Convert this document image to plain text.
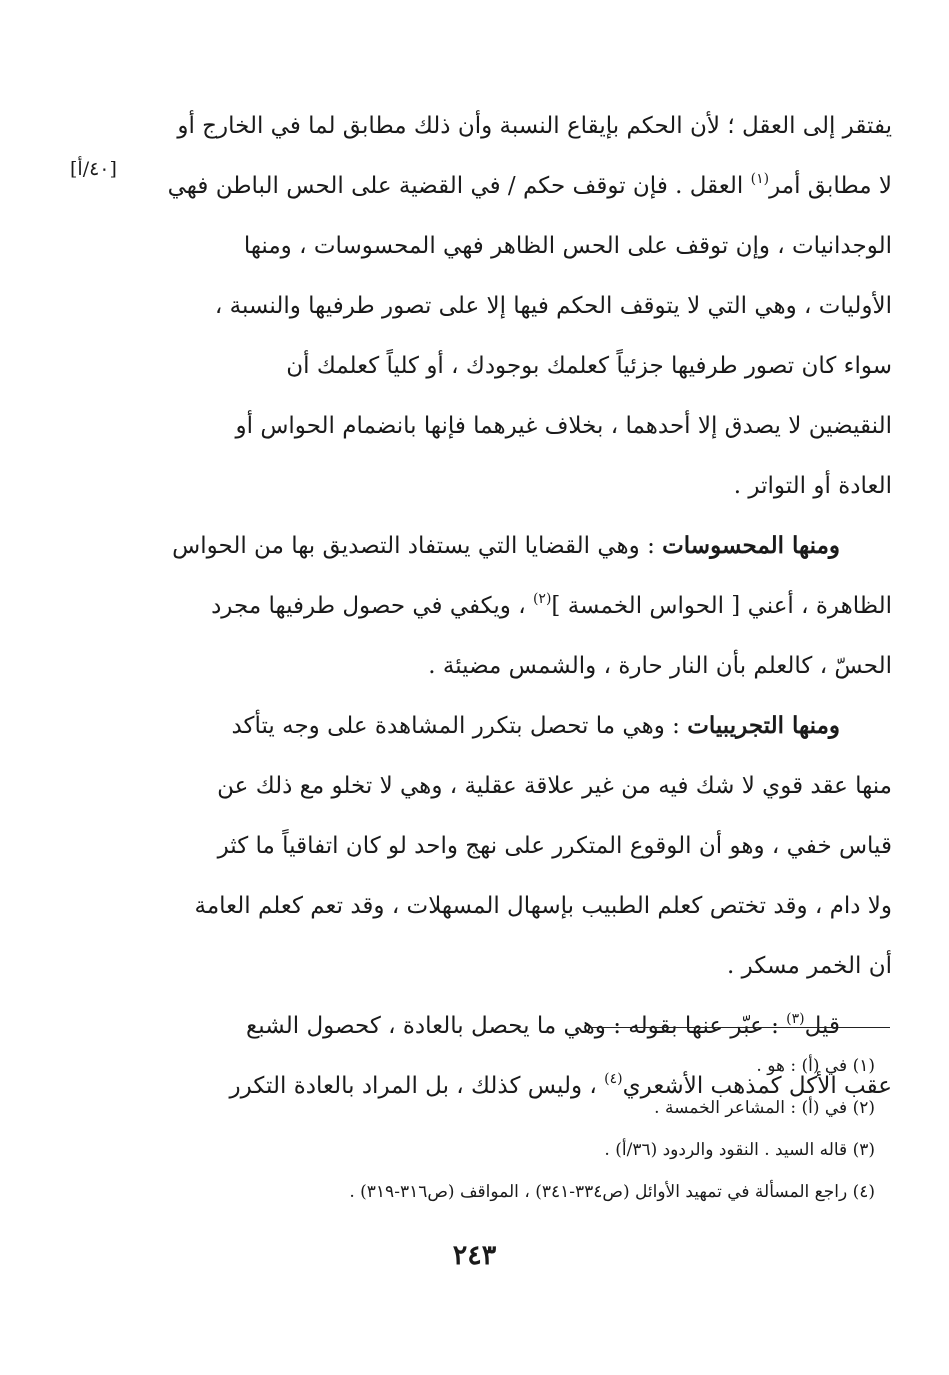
[٤٠/أ]
يفتقر إلى العقل ؛ لأن الحكم بإيقاع النسبة وأن ذلك مطابق لما في الخارج أو
لا مطابق أمر$^{(١)}$ العقل . فإن توقف حكم / في القضية على الحس الباطن فهي
الوجدانيات ، وإن توقف على الحس الظاهر فهي المحسوسات ، ومنها
الأوليات ، وهي التي لا يتوقف الحكم فيها إلا على تصور طرفيها والنسبة ،
سواء كان تصور طرفيها جزئياً كعلمك بوجودك ، أو كلياً كعلمك أن
النقيضين لا يصدق إلا أحدهما ، بخلاف غيرهما فإنها بانضمام الحواس أو
العادة أو التواتر .
ومنها المحسوسات : وهي القضايا التي يستفاد التصديق بها من الحواس
الظاهرة ، أعني [ الحواس الخمسة ]$^{(٢)}$ ، ويكفي في حصول طرفيها مجرد
الحسّ ، كالعلم بأن النار حارة ، والشمس مضيئة .
ومنها التجريبيات : وهي ما تحصل بتكرر المشاهدة على وجه يتأكد
منها عقد قوي لا شك فيه من غير علاقة عقلية ، وهي لا تخلو مع ذلك عن
قياس خفي ، وهو أن الوقوع المتكرر على نهج واحد لو كان اتفاقياً ما كثر
ولا دام ، وقد تختص كعلم الطبيب بإسهال المسهلات ، وقد تعم كعلم العامة
أن الخمر مسكر .
قيل$^{(٣)}$ : عبّر عنها بقوله : وهي ما يحصل بالعادة ، كحصول الشبع
عقب الأكل كمذهب الأشعري$^{(٤)}$ ، وليس كذلك ، بل المراد بالعادة التكرر
(١) في (أ) : هو .
(٢) في (أ) : المشاعر الخمسة .
(٣) قاله السيد . النقود والردود (٣٦/أ) .
(٤) راجع المسألة في تمهيد الأوائل (ص٣٣٤-٣٤١) ، المواقف (ص٣١٦-٣١٩) .
٢٤٣
